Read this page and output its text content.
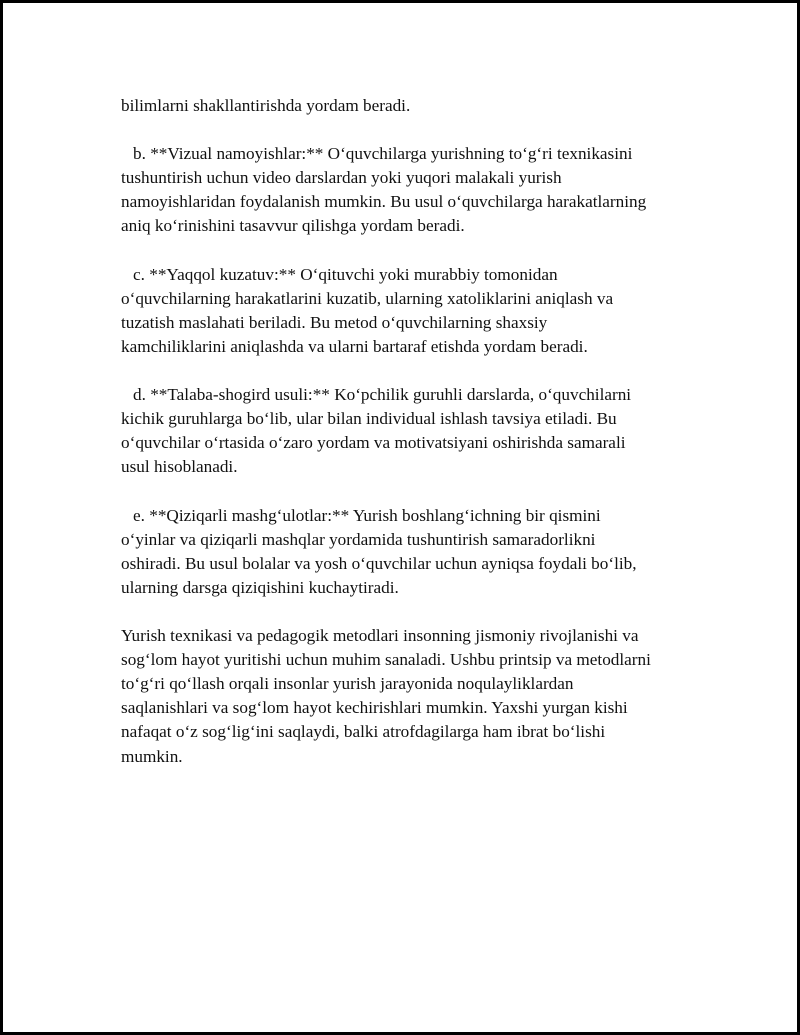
bilimlarni shakllantirishda yordam beradi.
b. **Vizual namoyishlar:** O‘quvchilarga yurishning to‘g‘ri texnikasini
tushuntirish uchun video darslardan yoki yuqori malakali yurish
namoyishlaridan foydalanish mumkin. Bu usul o‘quvchilarga harakatlarning
aniq ko‘rinishini tasavvur qilishga yordam beradi.
c. **Yaqqol kuzatuv:** O‘qituvchi yoki murabbiy tomonidan
o‘quvchilarning harakatlarini kuzatib, ularning xatoliklarini aniqlash va
tuzatish maslahati beriladi. Bu metod o‘quvchilarning shaxsiy
kamchiliklarini aniqlashda va ularni bartaraf etishda yordam beradi.
d. **Talaba-shogird usuli:** Ko‘pchilik guruhli darslarda, o‘quvchilarni
kichik guruhlarga bo‘lib, ular bilan individual ishlash tavsiya etiladi. Bu
o‘quvchilar o‘rtasida o‘zaro yordam va motivatsiyani oshirishda samarali
usul hisoblanadi.
e. **Qiziqarli mashg‘ulotlar:** Yurish boshlang‘ichning bir qismini
o‘yinlar va qiziqarli mashqlar yordamida tushuntirish samaradorlikni
oshiradi. Bu usul bolalar va yosh o‘quvchilar uchun ayniqsa foydali bo‘lib,
ularning darsga qiziqishini kuchaytiradi.
Yurish texnikasi va pedagogik metodlari insonning jismoniy rivojlanishi va
sog‘lom hayot yuritishi uchun muhim sanaladi. Ushbu printsip va metodlarni
to‘g‘ri qo‘llash orqali insonlar yurish jarayonida noqulayliklardan
saqlanishlari va sog‘lom hayot kechirishlari mumkin. Yaxshi yurgan kishi
nafaqat o‘z sog‘lig‘ini saqlaydi, balki atrofdagilarga ham ibrat bo‘lishi
mumkin.
